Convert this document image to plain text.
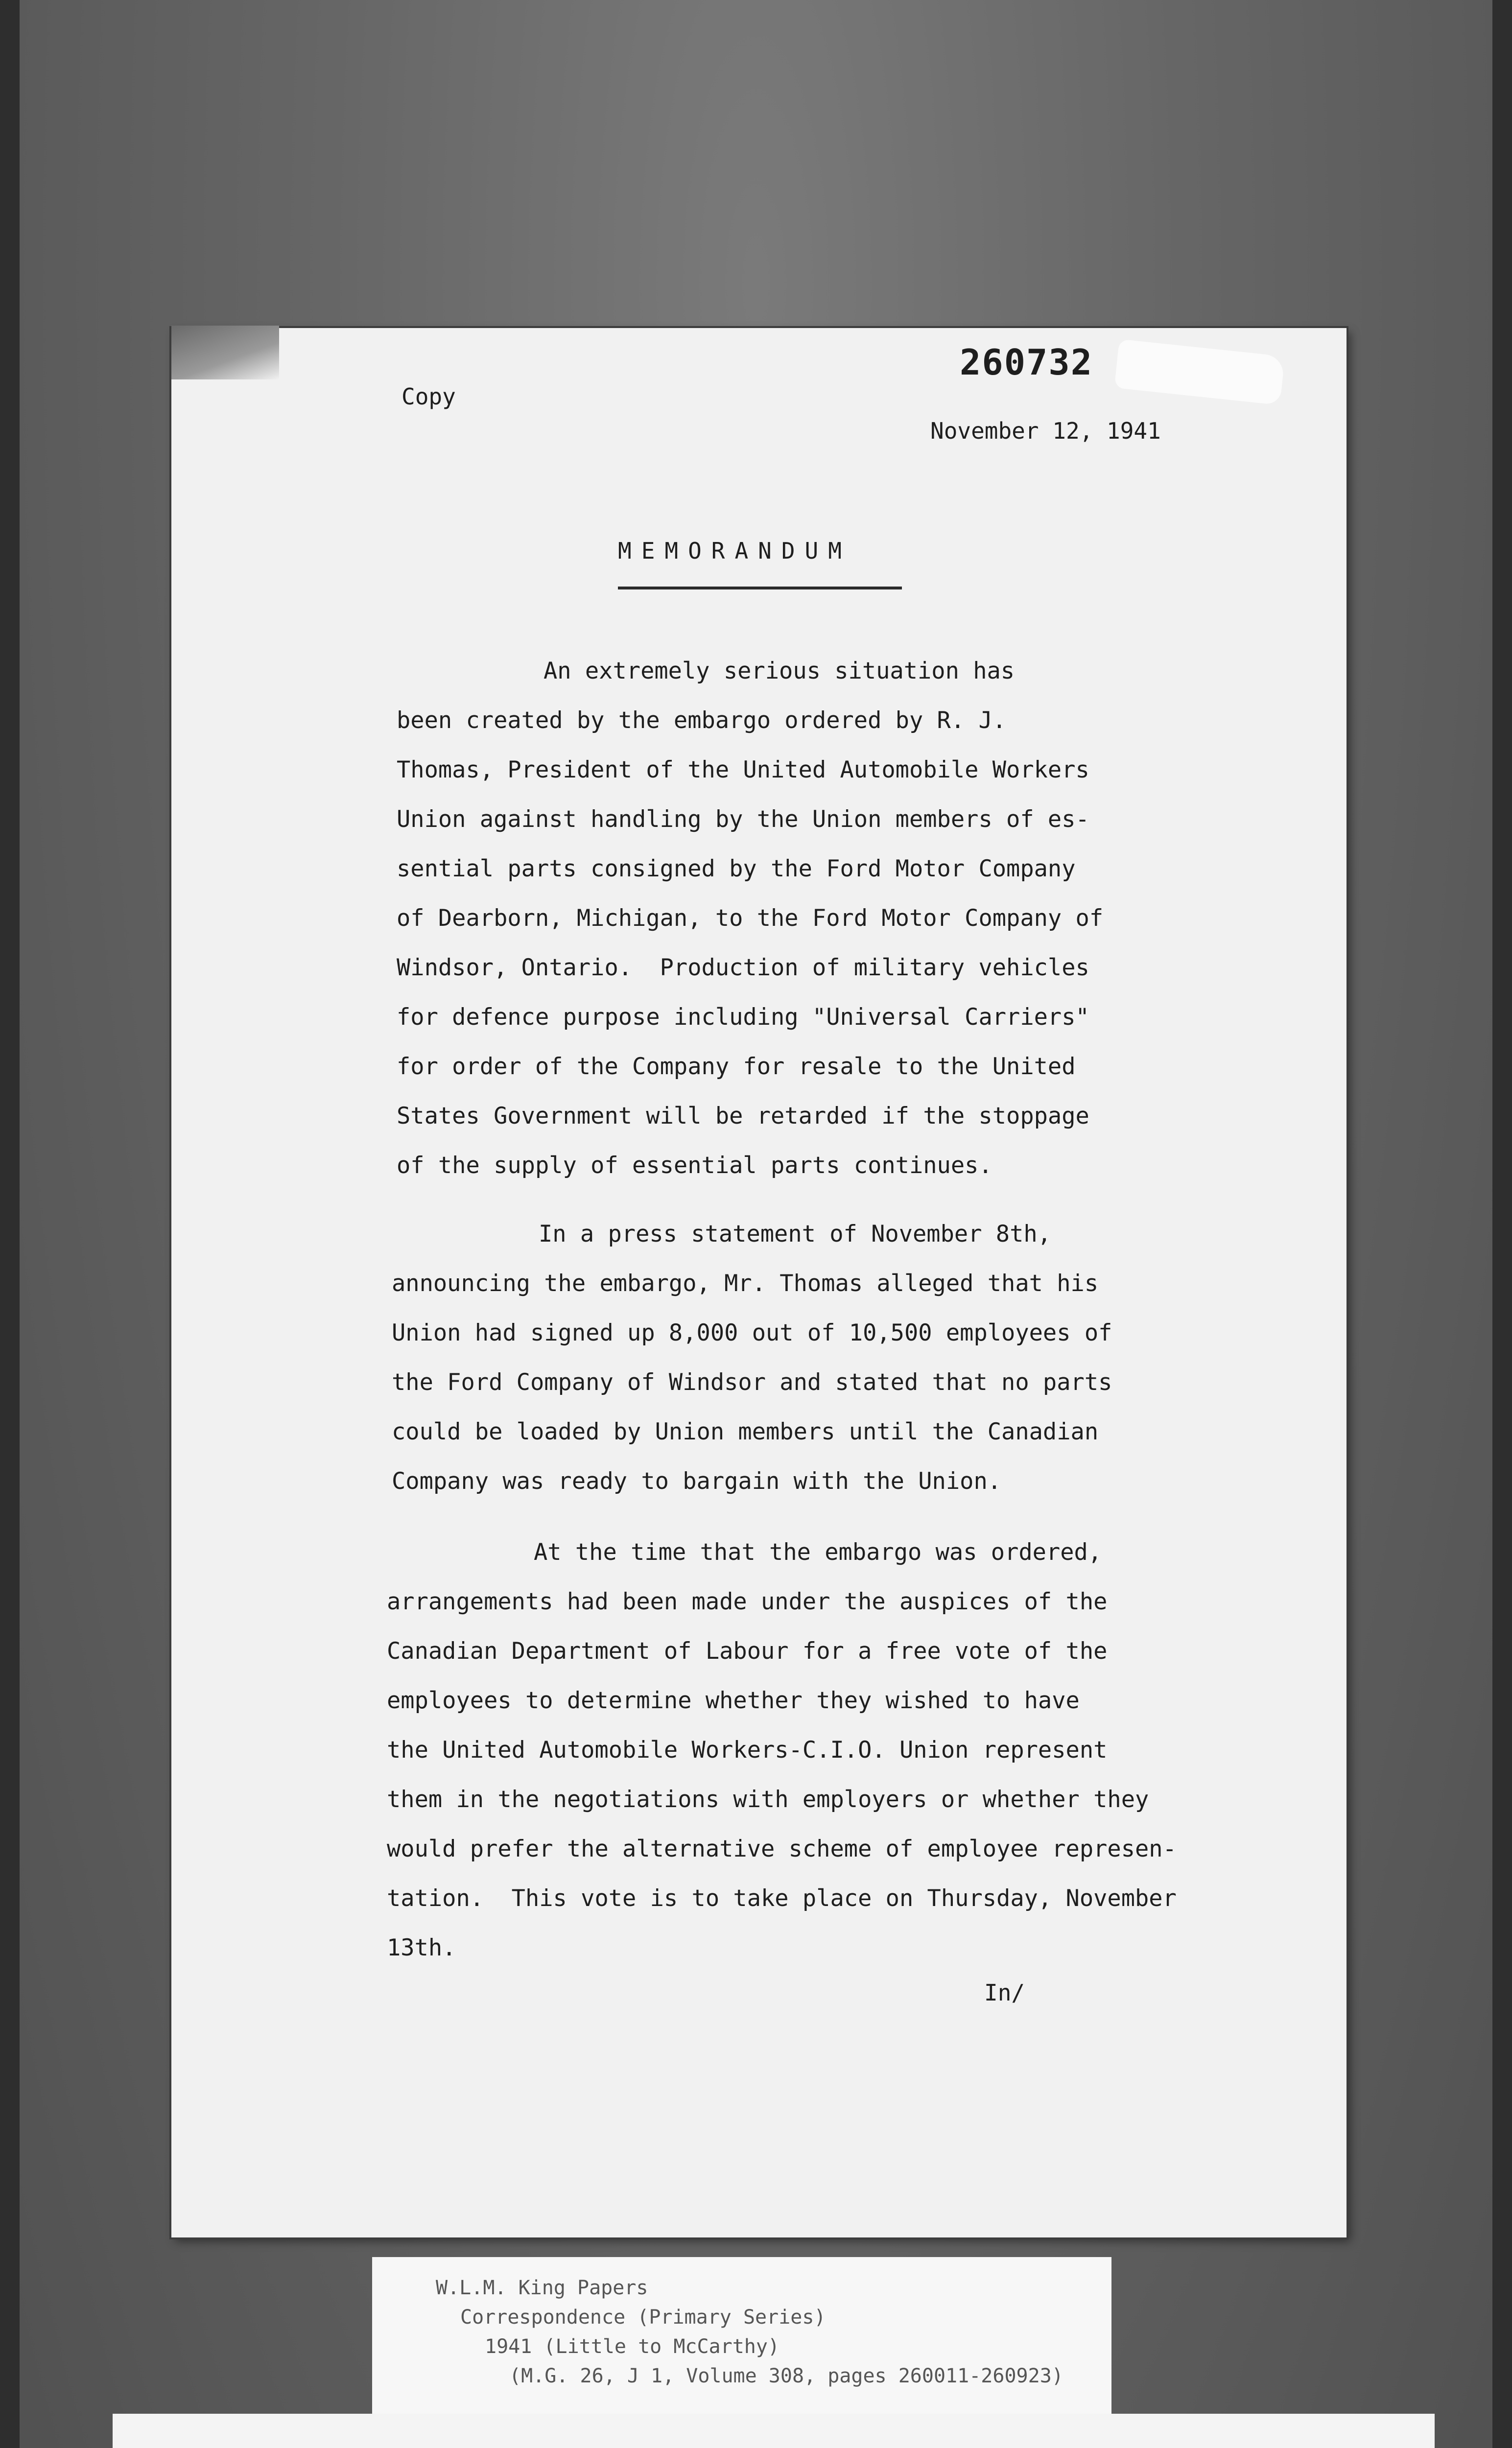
260732
Copy
November 12, 1941
MEMORANDUM
An extremely serious situation has
been created by the embargo ordered by R. J.
Thomas, President of the United Automobile Workers
Union against handling by the Union members of es-
sential parts consigned by the Ford Motor Company
of Dearborn, Michigan, to the Ford Motor Company of
Windsor, Ontario.  Production of military vehicles
for defence purpose including "Universal Carriers"
for order of the Company for resale to the United
States Government will be retarded if the stoppage
of the supply of essential parts continues.
In a press statement of November 8th,
announcing the embargo, Mr. Thomas alleged that his
Union had signed up 8,000 out of 10,500 employees of
the Ford Company of Windsor and stated that no parts
could be loaded by Union members until the Canadian
Company was ready to bargain with the Union.
At the time that the embargo was ordered,
arrangements had been made under the auspices of the
Canadian Department of Labour for a free vote of the
employees to determine whether they wished to have
the United Automobile Workers-C.I.O. Union represent
them in the negotiations with employers or whether they
would prefer the alternative scheme of employee represen-
tation.  This vote is to take place on Thursday, November
13th.
In/
W.L.M. King Papers
Correspondence (Primary Series)
1941 (Little to McCarthy)
(M.G. 26, J 1, Volume 308, pages 260011-260923)
